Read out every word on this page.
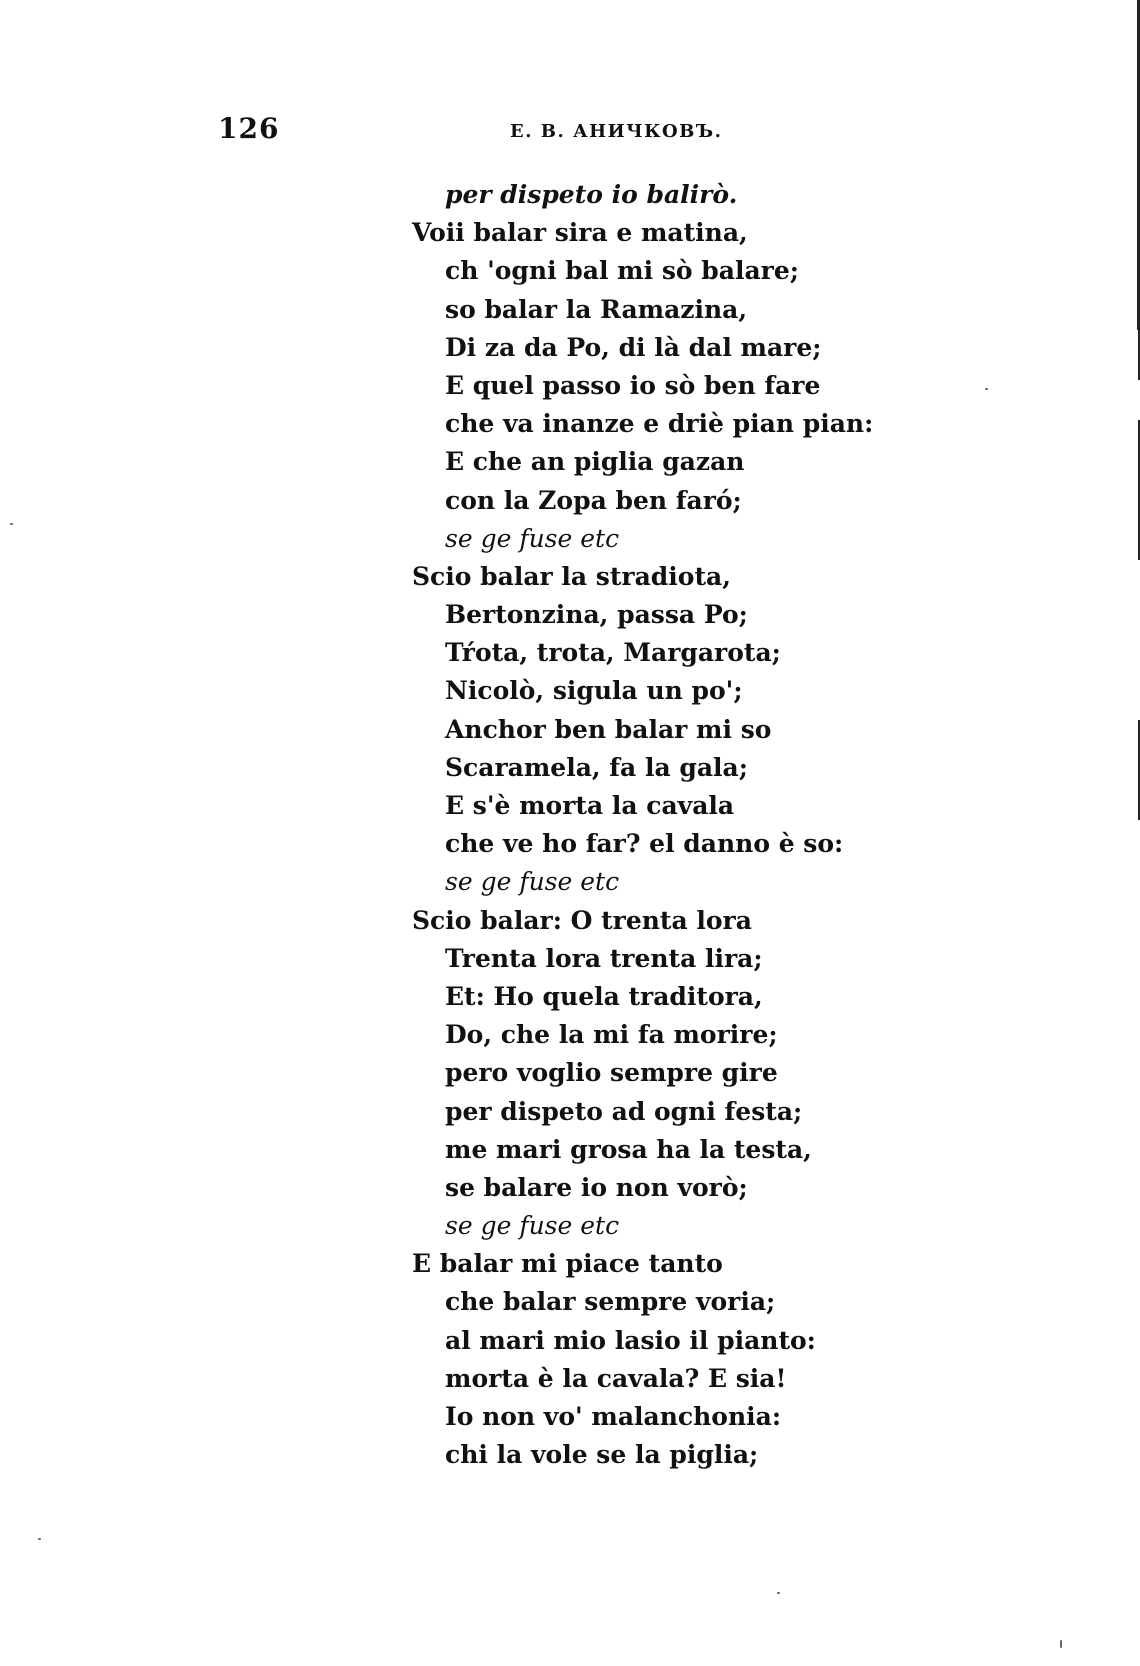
126	Е. В. АНИЧКОВЪ.
per dispeto io balirò.
Voii balar sira e matina,
ch 'ogni bal mi sò balare;
so balar la Ramazina,
Di za da Po, di là dal mare;
E quel passo io sò ben fare
che va inanze e driè pian pian:
E che an piglia gazan
con la Zopa ben faró;
se ge fuse etc
Scio balar la stradiota,
Bertonzina, passa Po;
Tŕota, trota, Margarota;
Nicolò, sigula un po';
Anchor ben balar mi so
Scaramela, fa la gala;
E s'è morta la cavala
che ve ho far? el danno è so:
se ge fuse etc
Scio balar: O trenta lora
Trenta lora trenta lira;
Et: Ho quela traditora,
Do, che la mi fa morire;
pero voglio sempre gire
per dispeto ad ogni festa;
me mari grosa ha la testa,
se balare io non vorò;
se ge fuse etc
E balar mi piace tanto
che balar sempre voria;
al mari mio lasio il pianto:
morta è la cavala? E sia!
Io non vo' malanchonia:
chi la vole se la piglia;
